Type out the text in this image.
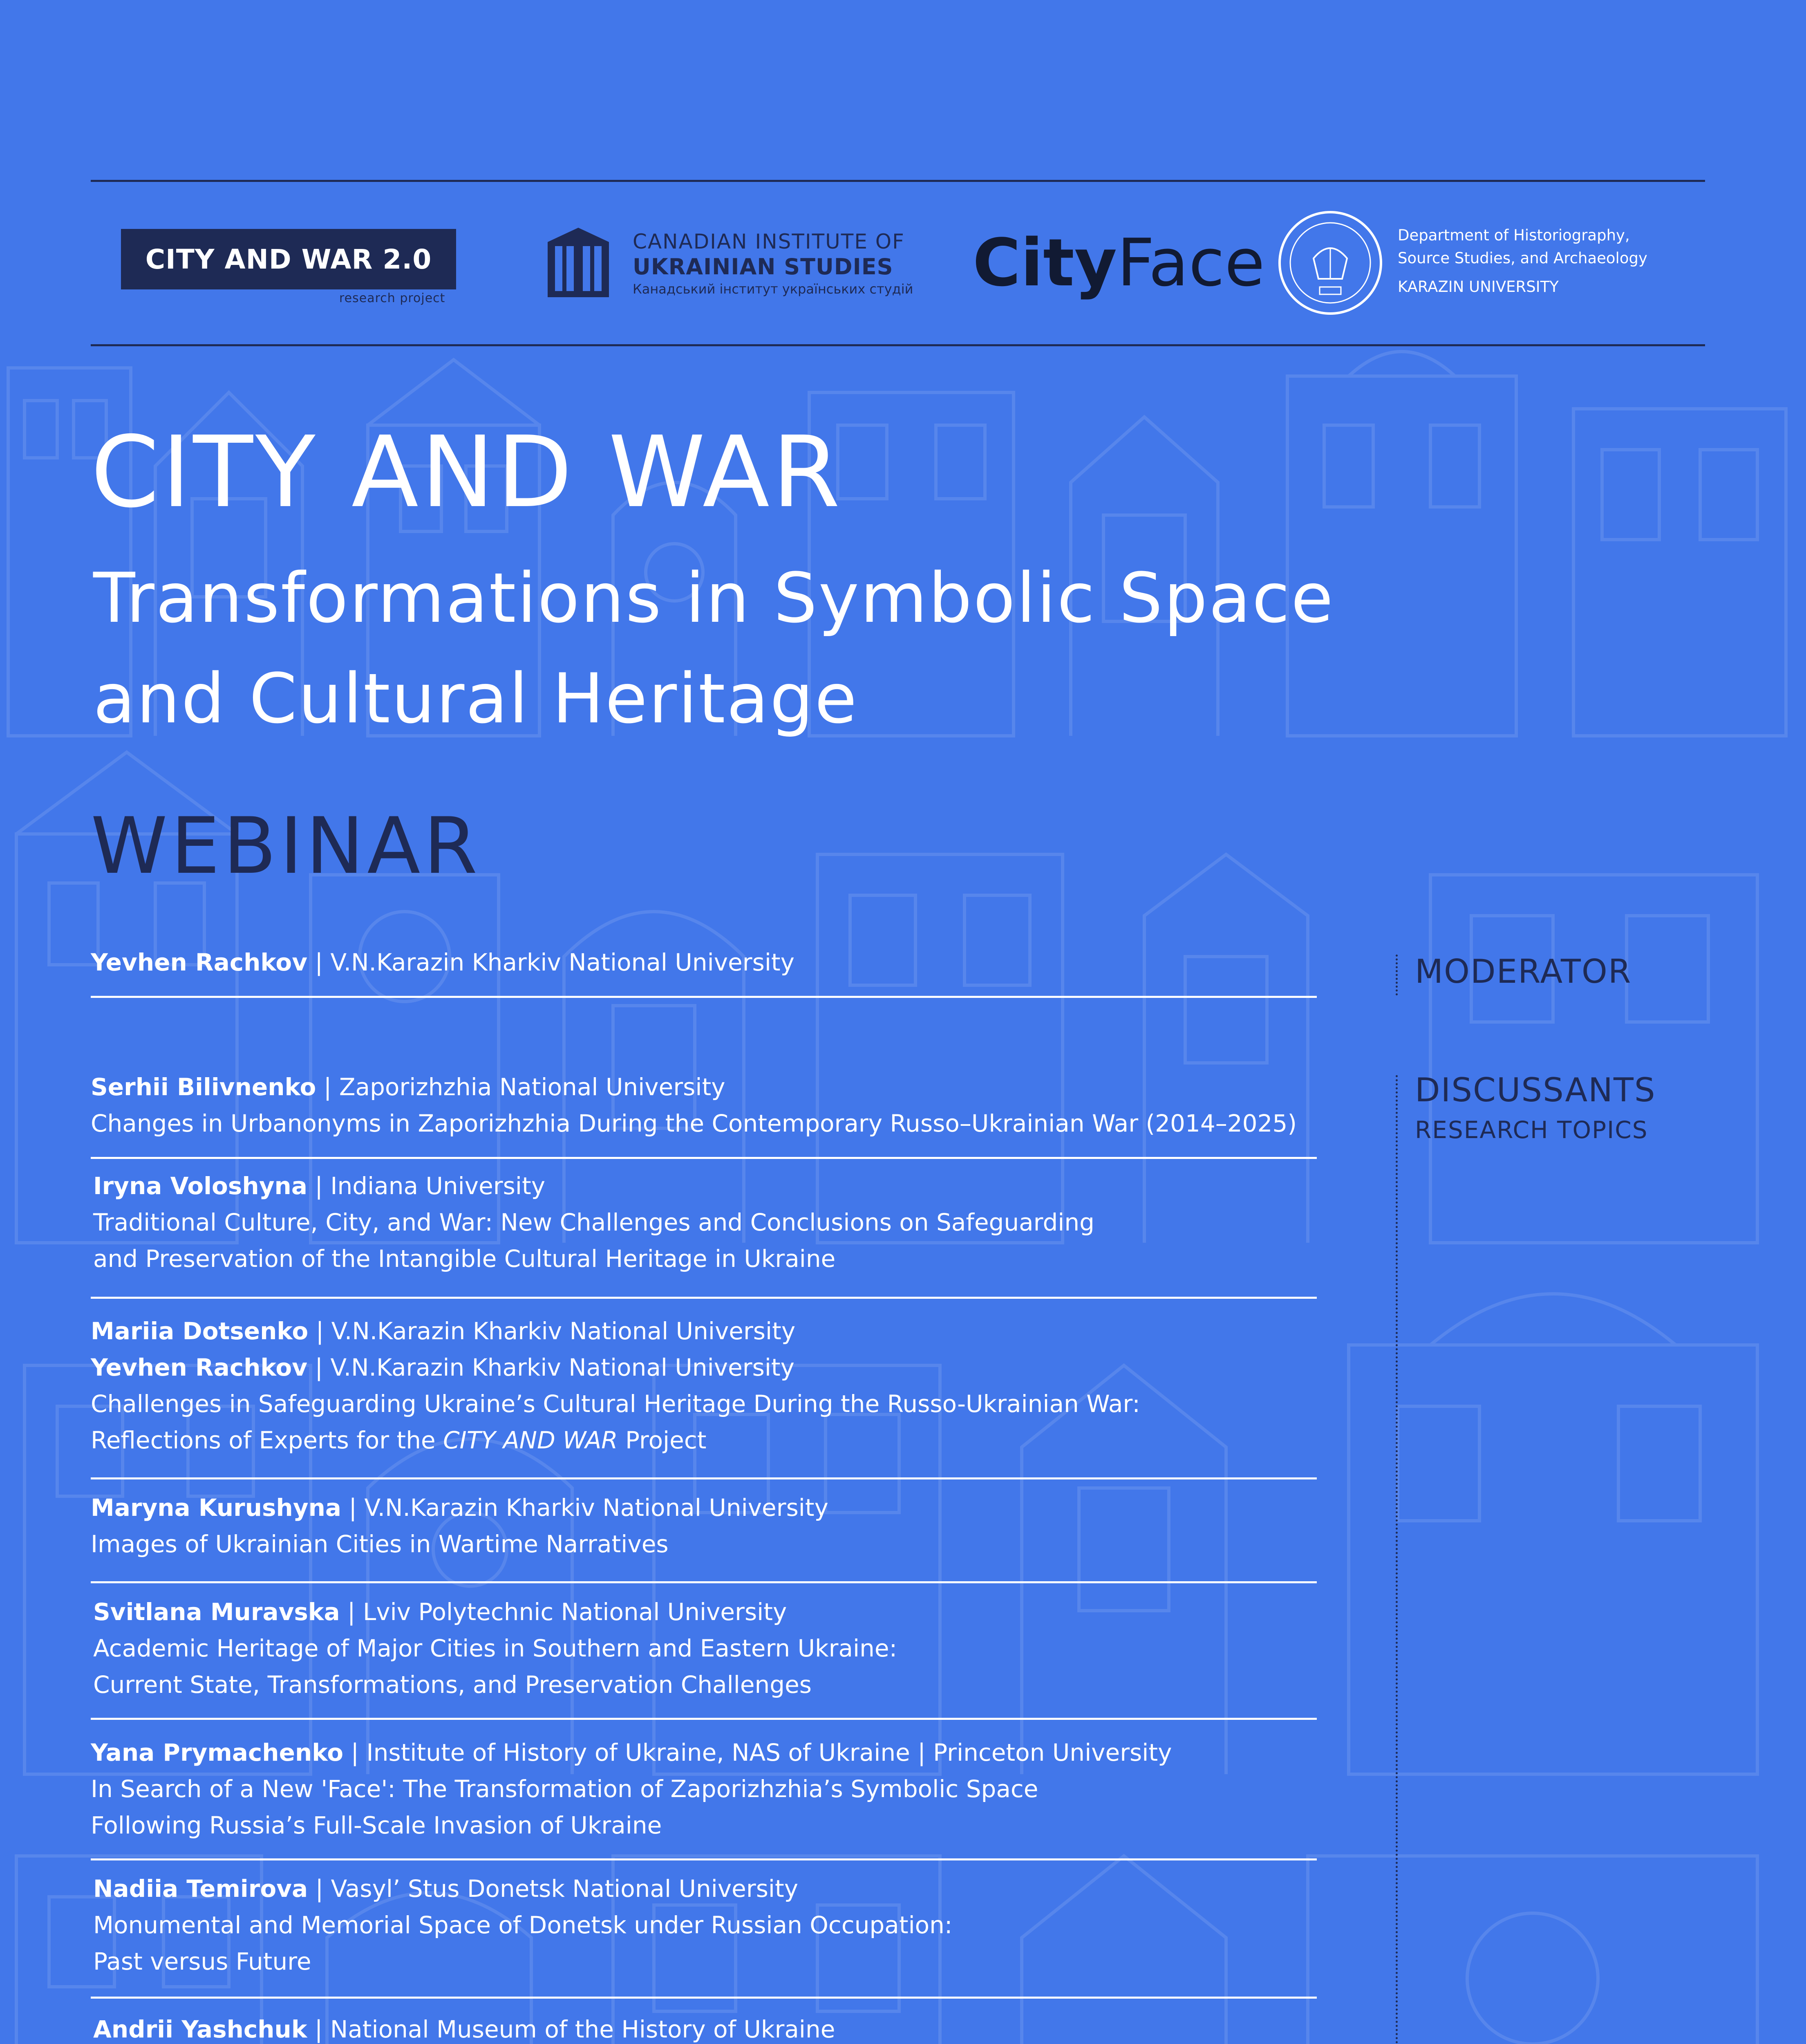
CITY AND WAR 2.0
research project
CANADIAN INSTITUTE OF
UKRAINIAN STUDIES
Канадський інститут українських студій CityFace	Department of Historiography,
Source Studies, and Archaeology
KARAZIN UNIVERSITY
CITY AND WAR
Transformations in Symbolic Space
and Cultural Heritage
WEBINAR
Yevhen Rachkov | V.N.Karazin Kharkiv National University	MODERATOR
DISCUSSANTS
RESEARCH TOPICS
Serhii Bilivnenko | Zaporizhzhia National University
Changes in Urbanonyms in Zaporizhzhia During the Contemporary Russo–Ukrainian War (2014–2025)
Iryna Voloshyna | Indiana University
Traditional Culture, City, and War: New Challenges and Conclusions on Safeguarding
and Preservation of the Intangible Cultural Heritage in Ukraine
Mariia Dotsenko | V.N.Karazin Kharkiv National University
Yevhen Rachkov | V.N.Karazin Kharkiv National University
Challenges in Safeguarding Ukraine’s Cultural Heritage During the Russo-Ukrainian War:
Reflections of Experts for the CITY AND WAR Project
Maryna Kurushyna | V.N.Karazin Kharkiv National University
Images of Ukrainian Cities in Wartime Narratives
Svitlana Muravska | Lviv Polytechnic National University
Academic Heritage of Major Cities in Southern and Eastern Ukraine:
Current State, Transformations, and Preservation Challenges
Yana Prymachenko | Institute of History of Ukraine, NAS of Ukraine | Princeton University
In Search of a New 'Face': The Transformation of Zaporizhzhia’s Symbolic Space
Following Russia’s Full-Scale Invasion of Ukraine
Nadiia Temirova | Vasyl’ Stus Donetsk National University
Monumental and Memorial Space of Donetsk under Russian Occupation:
Past versus Future
Andrii Yashchuk | National Museum of the History of Ukraine
